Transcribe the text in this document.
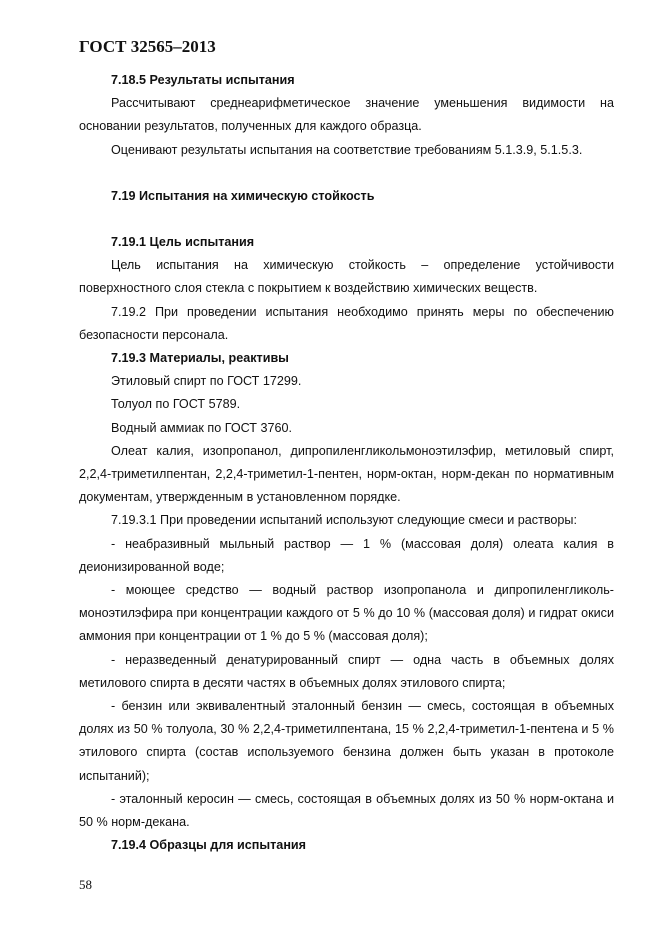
ГОСТ 32565–2013
7.18.5 Результаты испытания
Рассчитывают среднеарифметическое значение уменьшения видимости на основании результатов, полученных для каждого образца.
Оценивают результаты испытания на соответствие требованиям 5.1.3.9, 5.1.5.3.
7.19 Испытания на химическую стойкость
7.19.1 Цель испытания
Цель испытания на химическую стойкость – определение устойчивости поверхностного слоя стекла с покрытием к воздействию химических веществ.
7.19.2 При проведении испытания необходимо принять меры по обеспечению безопасности персонала.
7.19.3 Материалы, реактивы
Этиловый спирт по ГОСТ 17299.
Толуол по ГОСТ 5789.
Водный аммиак по ГОСТ 3760.
Олеат калия, изопропанол, дипропиленгликольмоноэтилэфир, метиловый спирт, 2,2,4-триметилпентан, 2,2,4-триметил-1-пентен, норм-октан, норм-декан по нормативным документам, утвержденным в установленном порядке.
7.19.3.1 При проведении испытаний используют следующие смеси и растворы:
- неабразивный мыльный раствор — 1 % (массовая доля) олеата калия в деионизированной воде;
- моющее средство — водный раствор изопропанола и дипропиленгликоль-моноэтилэфира при концентрации каждого от 5 % до 10 % (массовая доля) и гидрат окиси аммония при концентрации от 1 % до 5 % (массовая доля);
- неразведенный денатурированный спирт — одна часть в объемных долях метилового спирта в десяти частях в объемных долях этилового спирта;
- бензин или эквивалентный эталонный бензин — смесь, состоящая в объемных долях из 50 % толуола, 30 % 2,2,4-триметилпентана, 15 % 2,2,4-триметил-1-пентена и 5 % этилового спирта (состав используемого бензина должен быть указан в протоколе испытаний);
- эталонный керосин — смесь, состоящая в объемных долях из 50 % норм-октана и 50 % норм-декана.
7.19.4 Образцы для испытания
58
